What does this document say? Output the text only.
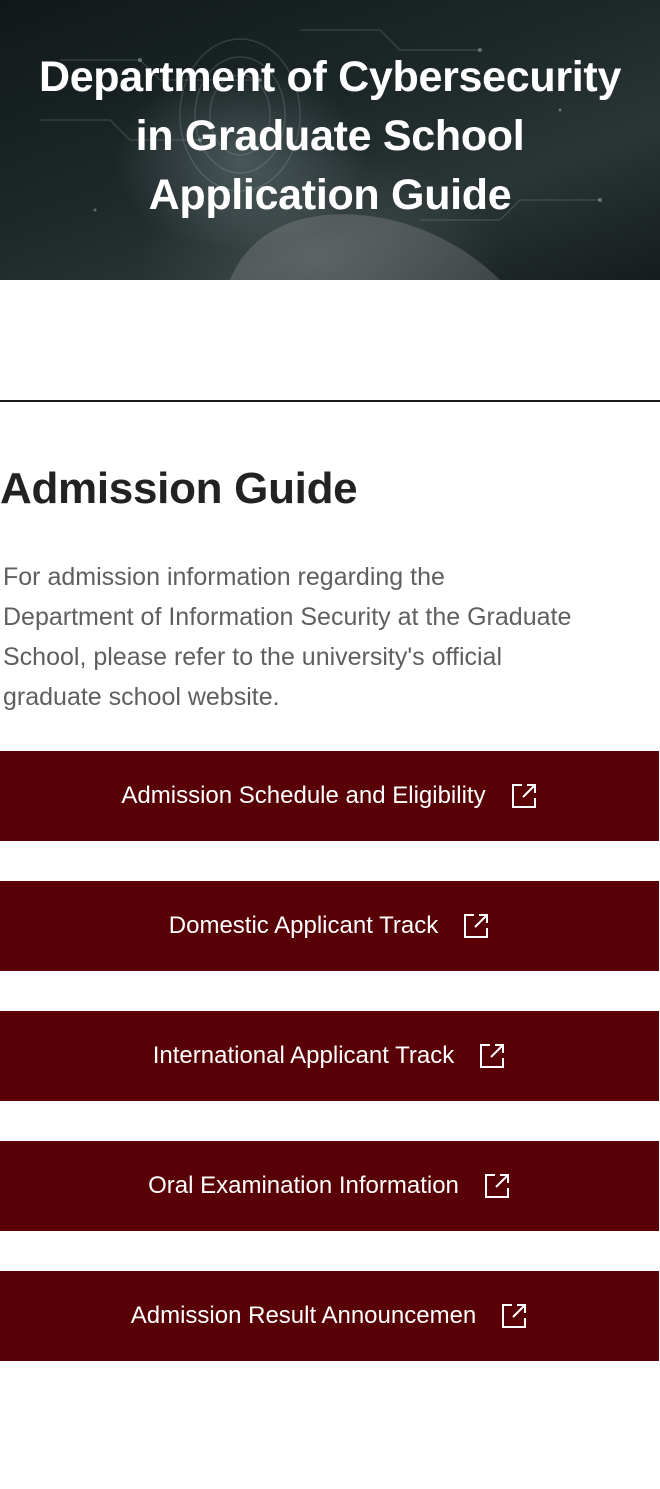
Department of Cybersecurity in Graduate School Application Guide
Admission Guide

For admission information regarding the Department of Information Security at the Graduate School, please refer to the university's official graduate school website.

Admission Schedule and Eligibility
Domestic Applicant Track
International Applicant Track
Oral Examination Information
Admission Result Announcemen
